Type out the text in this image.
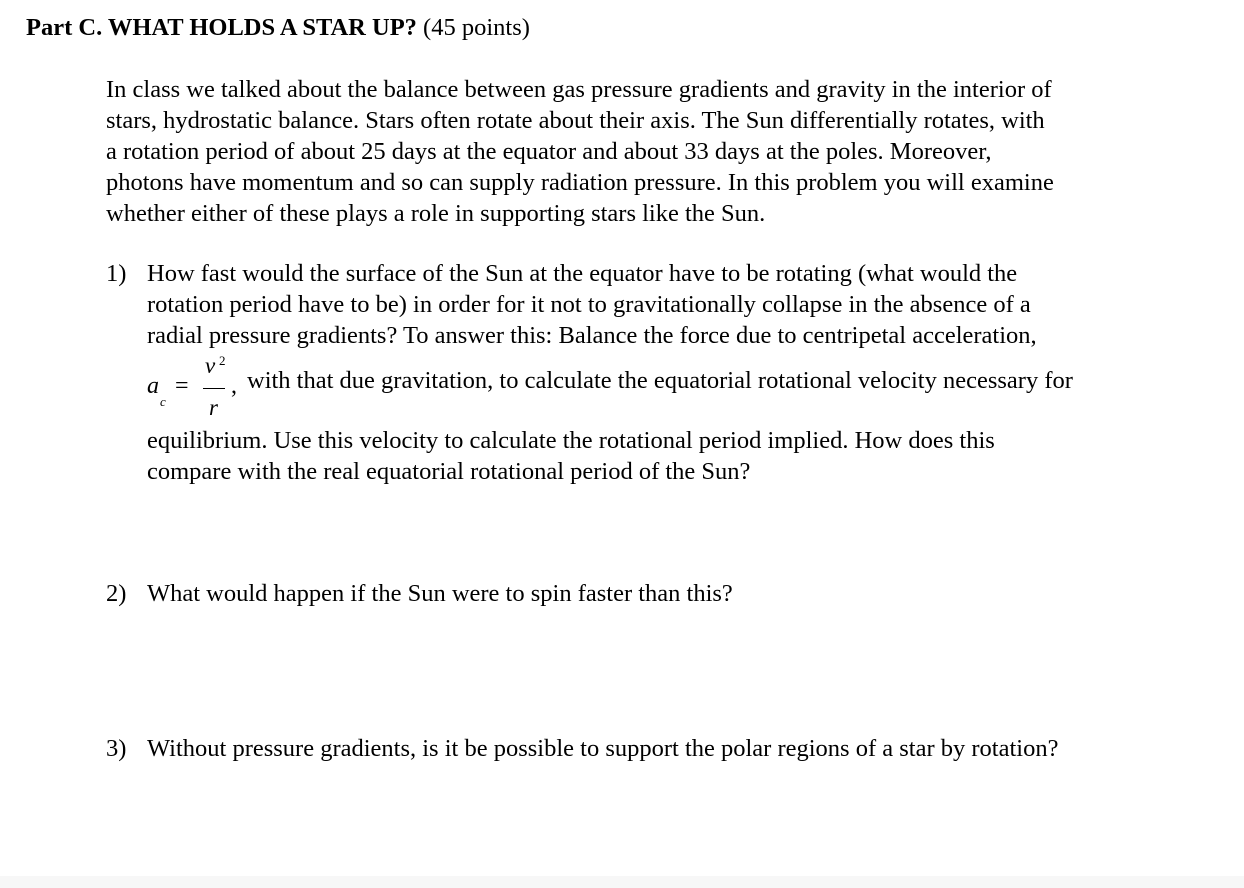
Part C. WHAT HOLDS A STAR UP? (45 points)

In class we talked about the balance between gas pressure gradients and gravity in the interior of
stars, hydrostatic balance. Stars often rotate about their axis. The Sun differentially rotates, with
a rotation period of about 25 days at the equator and about 33 days at the poles. Moreover,
photons have momentum and so can supply radiation pressure. In this problem you will examine
whether either of these plays a role in supporting stars like the Sun.

1) How fast would the surface of the Sun at the equator have to be rotating (what would the
rotation period have to be) in order for it not to gravitationally collapse in the absence of a
radial pressure gradients? To answer this: Balance the force due to centripetal acceleration,
a
c
=
v 2
r
, with that due gravitation, to calculate the equatorial rotational velocity necessary for
equilibrium. Use this velocity to calculate the rotational period implied. How does this
compare with the real equatorial rotational period of the Sun?
2) What would happen if the Sun were to spin faster than this?
3) Without pressure gradients, is it be possible to support the polar regions of a star by rotation?
